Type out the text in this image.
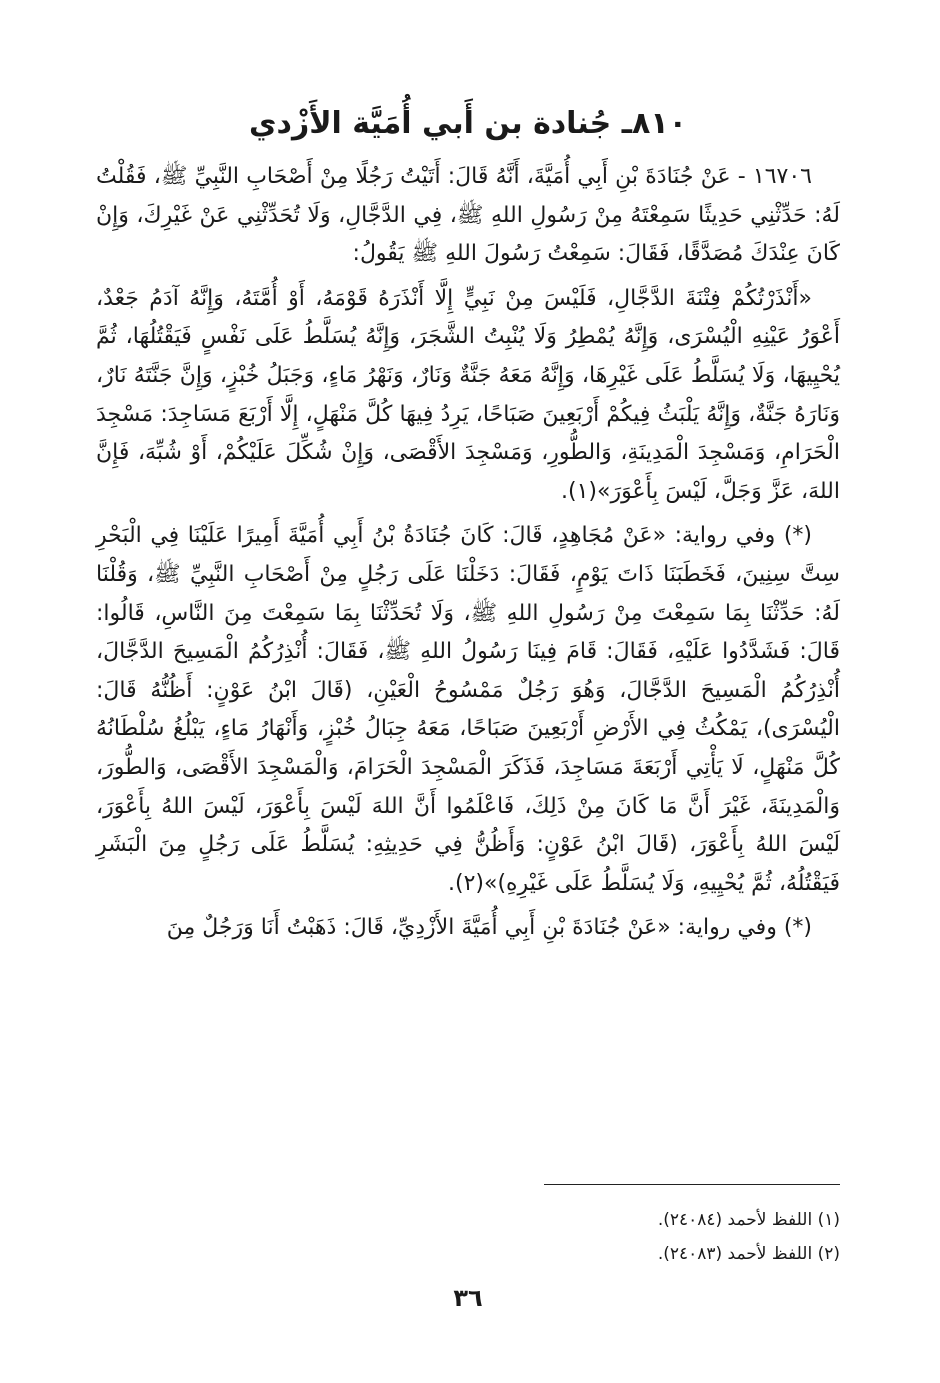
٨١٠ـ جُنادة بن أَبي أُمَيَّة الأَزْدي

١٦٧٠٦ - عَنْ جُنَادَةَ بْنِ أَبِي أُمَيَّةَ، أَنَّهُ قَالَ: أَتَيْتُ رَجُلًا مِنْ أَصْحَابِ النَّبِيِّ ﷺ، فَقُلْتُ لَهُ: حَدِّثْنِي حَدِيثًا سَمِعْتَهُ مِنْ رَسُولِ اللهِ ﷺ، فِي الدَّجَّالِ، وَلَا تُحَدِّثْنِي عَنْ غَيْرِكَ، وَإِنْ كَانَ عِنْدَكَ مُصَدَّقًا، فَقَالَ: سَمِعْتُ رَسُولَ اللهِ ﷺ يَقُولُ:

«أَنْذَرْتُكُمْ فِتْنَةَ الدَّجَّالِ، فَلَيْسَ مِنْ نَبِيٍّ إِلَّا أَنْذَرَهُ قَوْمَهُ، أَوْ أُمَّتَهُ، وَإِنَّهُ آدَمُ جَعْدٌ، أَعْوَرُ عَيْنِهِ الْيُسْرَى، وَإِنَّهُ يُمْطِرُ وَلَا يُنْبِتُ الشَّجَرَ، وَإِنَّهُ يُسَلَّطُ عَلَى نَفْسٍ فَيَقْتُلُهَا، ثُمَّ يُحْيِيهَا، وَلَا يُسَلَّطُ عَلَى غَيْرِهَا، وَإِنَّهُ مَعَهُ جَنَّةٌ وَنَارٌ، وَنَهْرُ مَاءٍ، وَجَبَلُ خُبْزٍ، وَإِنَّ جَنَّتَهُ نَارٌ، وَنَارَهُ جَنَّةٌ، وَإِنَّهُ يَلْبَثُ فِيكُمْ أَرْبَعِينَ صَبَاحًا، يَرِدُ فِيهَا كُلَّ مَنْهَلٍ، إِلَّا أَرْبَعَ مَسَاجِدَ: مَسْجِدَ الْحَرَامِ، وَمَسْجِدَ الْمَدِينَةِ، وَالطُّورِ، وَمَسْجِدَ الأَقْصَى، وَإِنْ شُكِّلَ عَلَيْكُمْ، أَوْ شُبِّهَ، فَإِنَّ اللهَ، عَزَّ وَجَلَّ، لَيْسَ بِأَعْوَرَ»(١).

(*) وفي رواية: «عَنْ مُجَاهِدٍ، قَالَ: كَانَ جُنَادَةُ بْنُ أَبِي أُمَيَّةَ أَمِيرًا عَلَيْنَا فِي الْبَحْرِ سِتَّ سِنِينَ، فَخَطَبَنَا ذَاتَ يَوْمٍ، فَقَالَ: دَخَلْنَا عَلَى رَجُلٍ مِنْ أَصْحَابِ النَّبِيِّ ﷺ، وَقُلْنَا لَهُ: حَدِّثْنَا بِمَا سَمِعْتَ مِنْ رَسُولِ اللهِ ﷺ، وَلَا تُحَدِّثْنَا بِمَا سَمِعْتَ مِنَ النَّاسِ، قَالُوا: قَالَ: فَشَدَّدُوا عَلَيْهِ، فَقَالَ: قَامَ فِينَا رَسُولُ اللهِ ﷺ، فَقَالَ: أُنْذِرُكُمُ الْمَسِيحَ الدَّجَّالَ، أُنْذِرُكُمُ الْمَسِيحَ الدَّجَّالَ، وَهُوَ رَجُلٌ مَمْسُوحُ الْعَيْنِ، (قَالَ ابْنُ عَوْنٍ: أَظُنُّهُ قَالَ: الْيُسْرَى)، يَمْكُثُ فِي الأَرْضِ أَرْبَعِينَ صَبَاحًا، مَعَهُ جِبَالُ خُبْزٍ، وَأَنْهَارُ مَاءٍ، يَبْلُغُ سُلْطَانُهُ كُلَّ مَنْهَلٍ، لَا يَأْتِي أَرْبَعَةَ مَسَاجِدَ، فَذَكَرَ الْمَسْجِدَ الْحَرَامَ، وَالْمَسْجِدَ الأَقْصَى، وَالطُّورَ، وَالْمَدِينَةَ، غَيْرَ أَنَّ مَا كَانَ مِنْ ذَلِكَ، فَاعْلَمُوا أَنَّ اللهَ لَيْسَ بِأَعْوَرَ، لَيْسَ اللهُ بِأَعْوَرَ، لَيْسَ اللهُ بِأَعْوَرَ، (قَالَ ابْنُ عَوْنٍ: وَأَظُنُّ فِي حَدِيثِهِ: يُسَلَّطُ عَلَى رَجُلٍ مِنَ الْبَشَرِ فَيَقْتُلُهُ، ثُمَّ يُحْيِيهِ، وَلَا يُسَلَّطُ عَلَى غَيْرِهِ)»(٢).

(*) وفي رواية: «عَنْ جُنَادَةَ بْنِ أَبِي أُمَيَّةَ الأَزْدِيِّ، قَالَ: ذَهَبْتُ أَنَا وَرَجُلٌ مِنَ

(١) اللفظ لأحمد (٢٤٠٨٤).
(٢) اللفظ لأحمد (٢٤٠٨٣).
٣٦
